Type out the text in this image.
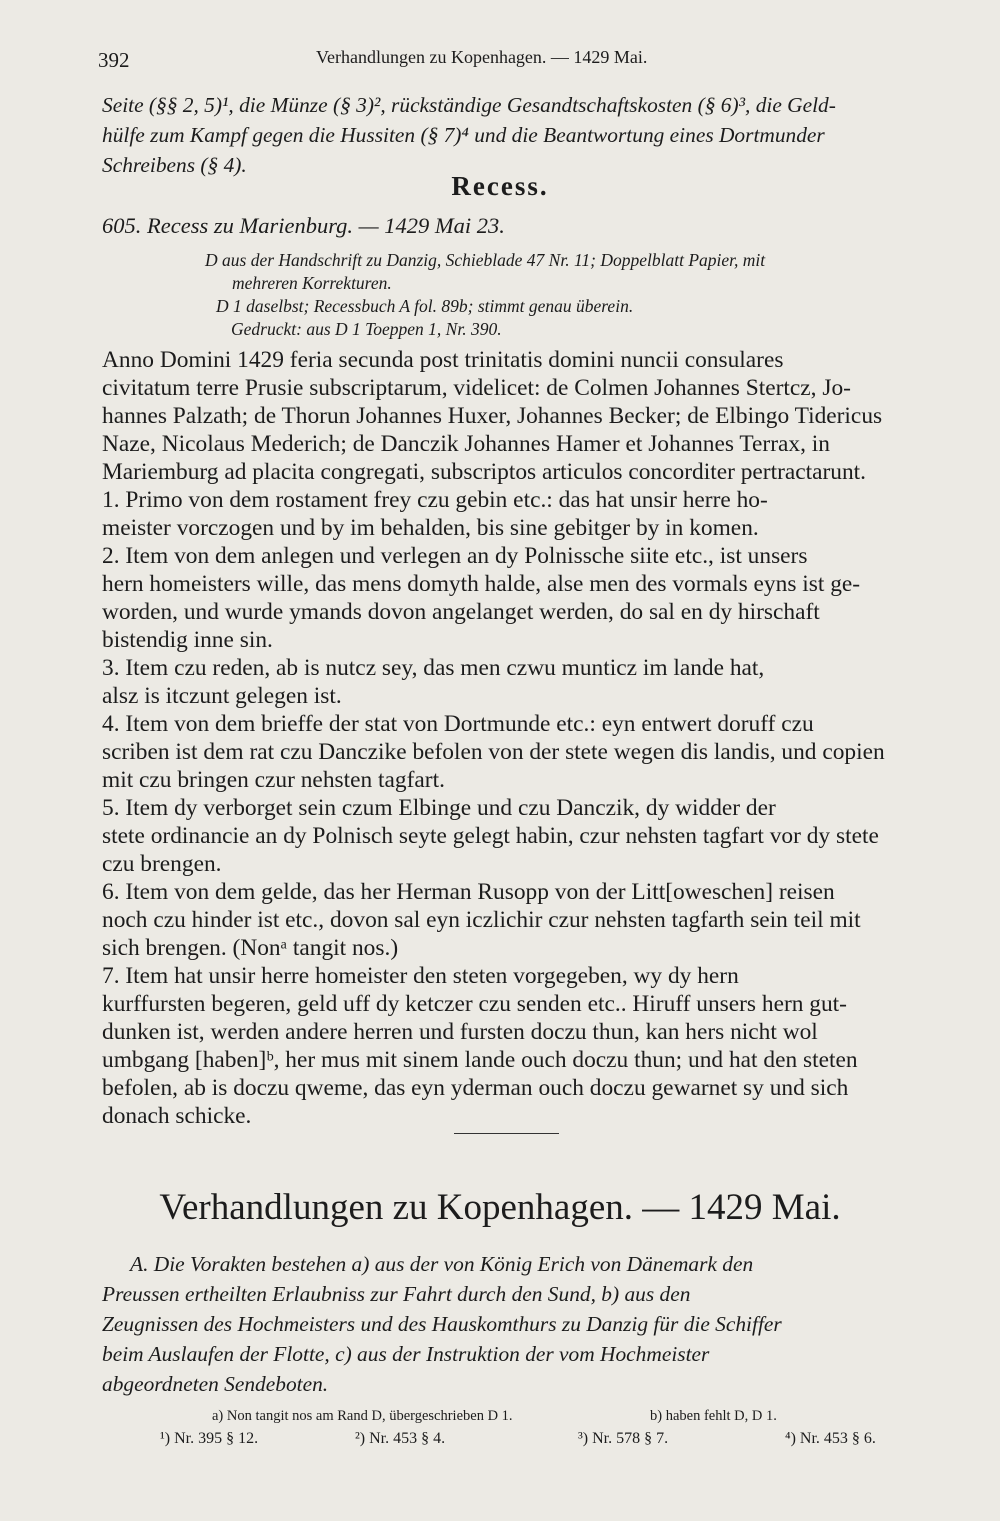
392	Verhandlungen zu Kopenhagen. — 1429 Mai.
Seite (§§ 2, 5)¹, die Münze (§ 3)², rückständige Gesandtschaftskosten (§ 6)³, die Geld-
hülfe zum Kampf gegen die Hussiten (§ 7)⁴ und die Beantwortung eines Dortmunder
Schreibens (§ 4).
Recess.
605. Recess zu Marienburg. — 1429 Mai 23.
D aus der Handschrift zu Danzig, Schieblade 47 Nr. 11; Doppelblatt Papier, mit
mehreren Korrekturen.
D 1 daselbst; Recessbuch A fol. 89b; stimmt genau überein.
Gedruckt: aus D 1 Toeppen 1, Nr. 390.
Anno Domini 1429 feria secunda post trinitatis domini nuncii consulares
civitatum terre Prusie subscriptarum, videlicet: de Colmen Johannes Stertcz, Jo-
hannes Palzath; de Thorun Johannes Huxer, Johannes Becker; de Elbingo Tidericus
Naze, Nicolaus Mederich; de Danczik Johannes Hamer et Johannes Terrax, in
Mariemburg ad placita congregati, subscriptos articulos concorditer pertractarunt.
1. Primo von dem rostament frey czu gebin etc.: das hat unsir herre ho-
meister vorczogen und by im behalden, bis sine gebitger by in komen.
2. Item von dem anlegen und verlegen an dy Polnissche siite etc., ist unsers
hern homeisters wille, das mens domyth halde, alse men des vormals eyns ist ge-
worden, und wurde ymands dovon angelanget werden, do sal en dy hirschaft
bistendig inne sin.
3. Item czu reden, ab is nutcz sey, das men czwu munticz im lande hat,
alsz is itczunt gelegen ist.
4. Item von dem brieffe der stat von Dortmunde etc.: eyn entwert doruff czu
scriben ist dem rat czu Danczike befolen von der stete wegen dis landis, und copien
mit czu bringen czur nehsten tagfart.
5. Item dy verborget sein czum Elbinge und czu Danczik, dy widder der
stete ordinancie an dy Polnisch seyte gelegt habin, czur nehsten tagfart vor dy stete
czu brengen.
6. Item von dem gelde, das her Herman Rusopp von der Litt[oweschen] reisen
noch czu hinder ist etc., dovon sal eyn iczlichir czur nehsten tagfarth sein teil mit
sich brengen. (Nonᵃ tangit nos.)
7. Item hat unsir herre homeister den steten vorgegeben, wy dy hern
kurffursten begeren, geld uff dy ketczer czu senden etc.. Hiruff unsers hern gut-
dunken ist, werden andere herren und fursten doczu thun, kan hers nicht wol
umbgang [haben]ᵇ, her mus mit sinem lande ouch doczu thun; und hat den steten
befolen, ab is doczu qweme, das eyn yderman ouch doczu gewarnet sy und sich
donach schicke.
Verhandlungen zu Kopenhagen. — 1429 Mai.
A. Die Vorakten bestehen a) aus der von König Erich von Dänemark den
Preussen ertheilten Erlaubniss zur Fahrt durch den Sund, b) aus den
Zeugnissen des Hochmeisters und des Hauskomthurs zu Danzig für die Schiffer
beim Auslaufen der Flotte, c) aus der Instruktion der vom Hochmeister
abgeordneten Sendeboten.
a) Non tangit nos am Rand D, übergeschrieben D 1.	b) haben fehlt D, D 1.
¹) Nr. 395 § 12.	²) Nr. 453 § 4.	³) Nr. 578 § 7.	⁴) Nr. 453 § 6.
